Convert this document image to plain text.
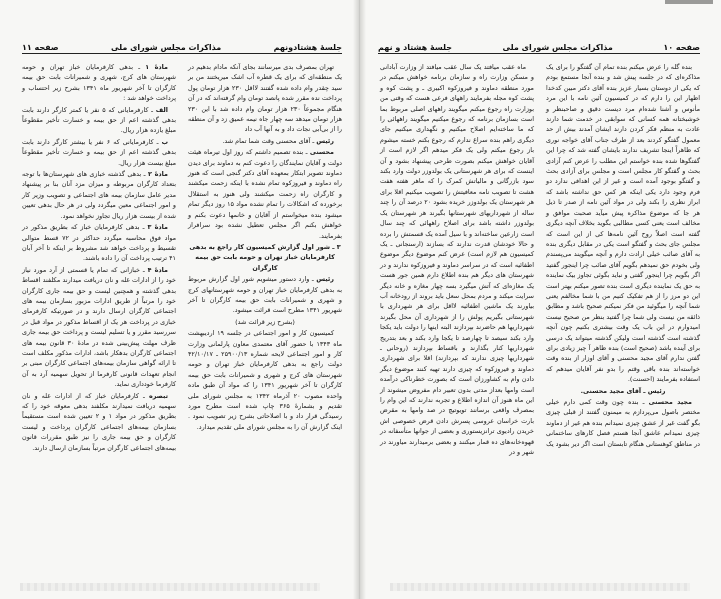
جلسهٔ هشتادونهم
مذاکرات مجلس شورای ملی
صفحه ۱۱

تهران بمصرف بدی میرسانند بجای آنکه مادام بدهیم در یک منطقه‌ای که برای یک قطره آب اشک میریختند من بر سید چقدر وام داده شده گفتند لااقل ۲۳۰ هزار تومان پول پرداخت نده مقرر شده پانصد تومان وام گرفته‌اند که در آن هنگام مجموعاً ۲۳۰ هزار تومان وام داده شد با این ۲۳۰ هزار تومان میدهد سه چهار جاه نیمه عمیق زد و آن منطقه را از بی‌آبی نجات داد و به آنها آب داد

رئیس ـ آقای محسنی وقت شما تمام شد.

محسنی ـ بنده تصمیم داشتم که روز اول تیرماه هیئت دولت و آقایان نمایندگان را دعوت کنم به دماوند برای دیدن دماوند تصویر ابتکار بمعهده آقای دکتر گنجی است که هنوز راه دماوند و فیروزکوه تمام نشده با اینکه زحمت میکشند و کارگران راه زحمت میکشند ولی هنوز به استقلال برخورده که اشکالات را تمام نشده مواد ۱۵ روز دیگر تمام میشود بنده میخواستم از آقایان و خانمها دعوت بکنم و خواهش بکنم اگر مجلس تعطیل نشده بود سرافراز بفرمایند.

۳ ـ شور اول گزارش کمیسیون کار راجع به بدهی کارفرمایان خباز تهران و حومه بابت حق بیمه کارگران

رئیس ـ وارد دستور میشویم شور اول گزارش مربوط به بدهی کارفرمایان خباز تهران و حومه شهرستانهای کرج و شهری و شمیرانات بابت حق بیمه کارگران تا آخر شهریور ۱۳۴۱ مطرح است قرائت میشود.

(بشرح زیر قرائت شد)

کمیسیون کار و امور اجتماعی در جلسه ۱۹ اردیبهشت ماه ۱۳۴۳ با حضور آقای معتمدی معاون پارلمانی وزارت کار و امور اجتماعی لایحه شماره ۲۵۹۰۰/۱۳ ـ ۴۲/۱۰/۱۷ دولت راجع به بدهی کارفرمایان خباز تهران و حومه شهرستان های کرج و شهری و شمیرانات بابت حق بیمه کارگران تا آخر شهریور ۱۳۴۱ را که مواد آن طبق ماده واحده مصوب ۲۰ آذرماه ۱۳۴۲ به مجلس شورای ملی تقدیم و بشمارهٔ ۳۶۵ چاپ شده است مطرح مورد رسیدگی قرار داد و با اصلاحاتی بشرح زیر تصویب نمود . اینک گزارش آن را به مجلس شورای ملی تقدیم میدارد.

مادهٔ ۱ ـ بدهی کارفرمایان خباز تهران و حومه شهرستان های کرج، شهری و شمیرانات بابت حق بیمه کارگران تا آخر شهریور ماه ۱۳۴۱ بشرح زیر احتساب و پرداخت خواهد شد :

الف ـ کارفرمایانی که ۵ نفر یا کمتر کارگر دارند بابت بدهی گذشته اعم از حق بیمه و خسارت تأخیر مقطوعاً مبلغ یازده هزار ریال.

ب ـ کارفرمایانی که ۶ نفر یا بیشتر کارگر دارند بابت بدهی گذشته اعم از حق بیمه و خسارت تأخیر مقطوعاً مبلغ بیست هزار ریال.

مادهٔ ۲ ـ بدهی گذشته خبازی های شهرستان‌ها با توجه بتعداد کارگران مربوطه و میزان مزد آنان بنا بر پیشنهاد مدیر عامل سازمان بیمه های اجتماعی و تصویب وزیر کار و امور اجتماعی معین میگردد ولی در هر حال بدهی تعیین شده از بیست هزار ریال تجاوز نخواهد نمود.

مادهٔ ۳ ـ بدهی کارفرمایان خباز که بطریق مذکور در مواد فوق محاسبه میگردد حداکثر در ۷۲ قسط متوالی تقسیط و پرداخت خواهد شد مشروط بر اینکه تا آخر آبان ۴۱ ترتیب پرداخت آن را داده باشند.

مادهٔ ۴ ـ خبازانی که تمام یا قسمتی از آرد مورد نیاز خود را از ادارات غله و نان دریافت میدارند مکلفند اقساط بدهی گذشته و همچنین لیست و حق بیمه جاری کارگران خود را مرتباً از طریق ادارات مزبور بسازمان بیمه های اجتماعی کارگران ارسال دارند و در صورتیکه کارفرمای خبازی در پرداخت هر یک از اقساط مذکور در مواد قبل در سررسید مقرر و یا تسلیم لیست و پرداخت حق بیمه جاری ظرف مهلت پیش‌بینی شده در مادهٔ ۳۰ قانون بیمه های اجتماعی کارگران بدهکار باشد، ادارات مذکور مکلف است تا ارائه گواهی سازمان بیمه‌های اجتماعی کارگران مبنی بر انجام تعهدات قانونی کارفرما از تحویل سهمیه آرد به آن کارفرما خودداری نماید.

تبصره ـ کارفرمایان خباز که از ادارات غله و نان سهمیه دریافت نمیدارند مکلفند بدهی معوقه خود را که بطریق مذکور در مواد ۱ و ۲ تعیین شده است مستقیماً بسازمان بیمه‌های اجتماعی کارگران پرداخت و لیست کارگران و حق بیمه جاری را نیز طبق مقررات قانون بیمه‌های اجتماعی کارگران مرتباً بسازمان ارسال دارند.

صفحه ۱۰
مذاکرات مجلس شورای ملی
جلسهٔ هشتاد و نهم

بنده گله را عرض میکنم بنده تمام آن گفتگو را برای یک مذاکره‌ای که در جلسه پیش شد و بنده آنجا مستمع بودم که یکی از دوستان بسیار عزیز بنده آقای دکتر مبین کدخدا اظهار این را دارم که در کمیسیون آئین نامه با این مرد مأنوس و آشنا شده‌ام مرد دیست دقیق و صاحبنظر و خوشبختانه همه کسانی که سوابقی در خدمت شما دارند عادت به منظم فکر کردن دارند ایشان آمدند بیش از حد معمول گفتگو کردند بعد از طرف جناب آقای خواجه نوری که ظاهراً اینجا تشریف ندارند بایشان گفته شد که چرا این گفتگوها شده بنده خواستم این مطلب را عرض کنم آزادی بحث و گفتگو کار مجلس است و مجلس برای آزادی بحث و گفتگو بوجود آمده است و غیر از این اهدافی ندارد دو فرم وجود دارد یکی اینکه هر کس حق نداشته باشد که ابراز نظری را بکند ولی در مواد آئین نامه از صدر تا ذیل هر جا که موضوع مذاکره پیش میآید صحبت موافق و مخالف است یعنی کسی مطالبی بگوید بخلاف آنچه دیگری گفته است اصلاً روح آئین نامه‌ها کی از این است که مجلس جای بحث و گفتگو است یکی در مقابل دیگری بنده به آقای صائب خیلی ارادت دارم و آنچه میگویند می‌پسندم ولی بخودم حق نمیدهم بگویم آقای صائب چرا اینجور گفتید اگر بگویم چرا اینجور گفتی و نباید بگوئی تجاوز بیک نماینده به حق یک نماینده دیگری است بنده تصور میکنم بهتر است این دو مرز را از هم تفکیک کنیم من با شما مخالفم یعنی شما آنچه را میگوئید من فکر نمیکنم صحیح باشد و مطابق ذائقه من نیست ولی شما چرا گفتید بنظر من صحیح نیست امیدوارم در این باب یک وقت بیشتری بکنیم چون آنچه گذشته است گذشته است ولیکن گذشته میتواند یک درسی برای آینده باشد (صحیح است) بنده ظاهر آ چیز زیادی برای گفتن ندارم آقای مجید محسنی و آقای اوزار از بنده وقت خواسته‌اند بنده باقی وقتم را بدو نفر آقایان میدهم که استفاده بفرمایند (احسنت).

رئیس ـ آقای مجید محسنی.

مجید محسنی ـ بنده چون وقت کمی دارم خیلی مختصر باصول می‌پردازم به میمنون گفتند از قبلی چیزی بگو گفت غیر از عشق چیزی نمیدانم بنده هم غیر از دماوند چیزی نمیدانم عاشق آنجا هستم فصل کارهای ساختمانی در مناطق کوهستانی هنگام تابستان است اگر دیر بشود یک

ماه عقب میافتد یک سال عقب میافتد از وزارت آبادانی و مسکن وزارت راه و سازمان برنامه خواهش میکنم در مورد منطقه دماوند و فیروزکوه اکبیری ـ و پشت کوه و پشت کوه مجله بفرمایند راههای فرعی هست که وقتی من بوزارت راه رجوع میکنم میگویند راههای اصلی مربوط بما است بسازمان برنامه که رجوع میکنیم میگویند راههائی را که ما ساخته‌ایم اصلاح میکنیم و نگهداری میکنیم جای دیگری راهم بنده سراغ ندارم که رجوع بکنم خسته میشوم باز رجوع میکنم ولی یک فکر میدهم اگر لازم است از آقایان خواهش میکنم بصورت طرحی پیشنهاد بشود و آن اینست که برای هر شهرستانی یک بولدوزر دولت وارد بکند سود بازرگانی و مالیاتش کمرک را که ماهر هفته هفت هشت تا تصویب نامه معافیتش را تصویب میکنیم اقلا برای هر شهرستان یک بولدوزر خریده بشود ۲۰ درصد آن را چند ساله از شهرداریهای شهرستانها بگیرند هر شهرستان یک بولدوزر داشته باشد برای اصلاح راههائی که چند سال است زارعین ساخته‌اند و با سیل آمده یک قسمتش را برده و حالا خودشان قدرت ندارند که بسازند (ارسنجانی ـ یک کمیسیون هم لازم است) عرض کنم موضوع دیگر موضوع اطفائیه است که در سراسر دماوند و فیروزکوه ندارند و در شهرستان های دیگر هم بنده اطلاع دارم همین جور هست یک مغازه‌ای که آتش میگیرد بسه چهار مغازه و خانه دیگر سرایت میکند و مردم بمحل سعل باید بروند از رودخانه آب بیاورند یک ماشین اطفائیه لااقل برای هر شهرداری با شهرستانی بگیریم پولش را از شهرداری آن محل بگیرند شهرداریها هم حاضرند بپردازند البته اینها را دولت باید یکجا وارد بکند سیصد تا چهارصد تا یکجا وارد بکند و بعد بتدریج شهرداریها کنار بگذارند و باقساط بپردازند (روحانی ـ شهرداریها چیزی ندارند که بپردازند) اقلا برای شهرداری دماوند و فیروزکوه که چیزی دارند تهیه کنند موضوع دیگر دادن وام به کشاورزان است که بصورت خطرناکی درآمده است وامها بعداز مدتی بدون تعبیر دام مفروض میشوند از این ماه هنوز آن اندازه اطلاع و تجربه ندارند که این وام را بمصرف واقعی برسانند تویوتیچ در صد وامها به مقرض بارت خراسان عروسی پسرش دادن قرض خصوصی اش خریدن رادیوی ترانزیستوری و بعضی از جوانها متأسفانه در قهوه‌خانه‌های ده قمار میکنند و بعضی برمیدارند میاورند در شهر و در
